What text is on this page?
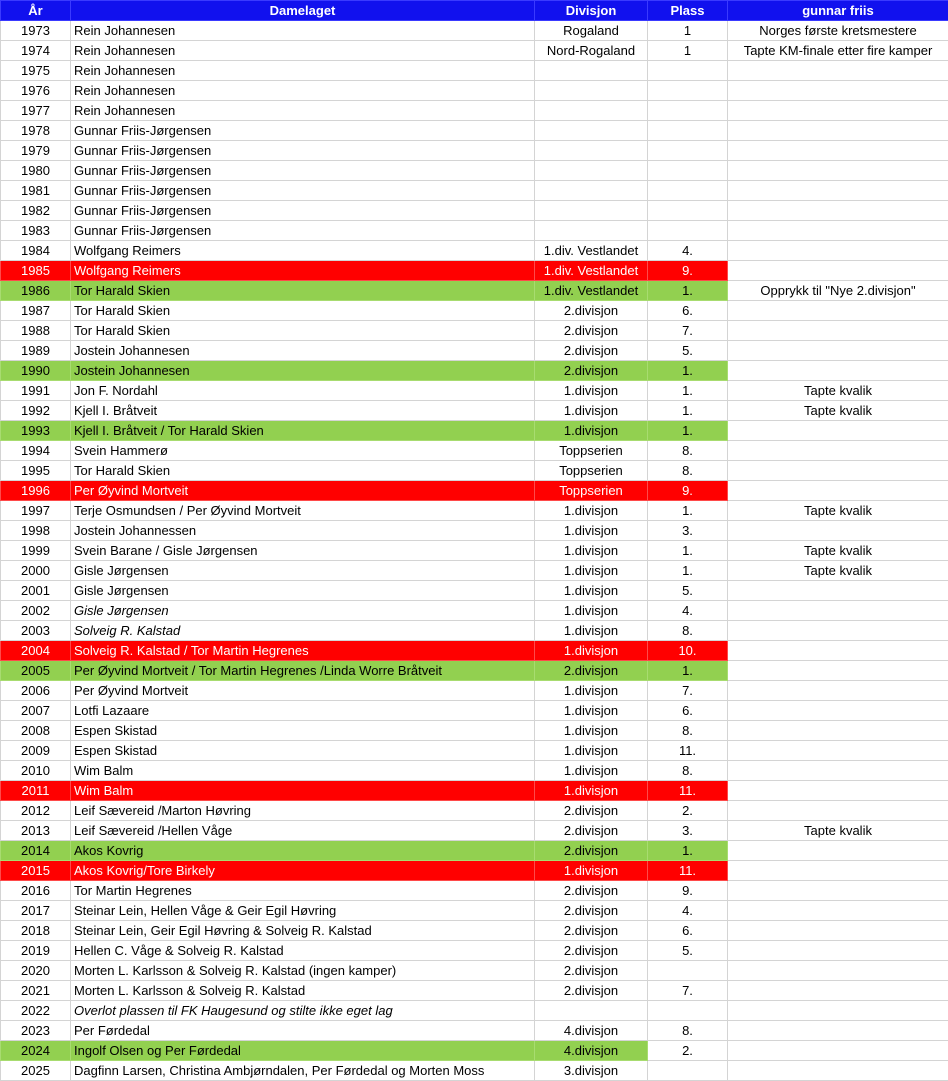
År	Damelaget	Divisjon	Plass	gunnar friis
1973	Rein Johannesen	Rogaland	1	Norges første kretsmestere
1974	Rein Johannesen	Nord-Rogaland	1	Tapte KM-finale etter fire kamper
1975	Rein Johannesen			
1976	Rein Johannesen			
1977	Rein Johannesen			
1978	Gunnar Friis-Jørgensen			
1979	Gunnar Friis-Jørgensen			
1980	Gunnar Friis-Jørgensen			
1981	Gunnar Friis-Jørgensen			
1982	Gunnar Friis-Jørgensen			
1983	Gunnar Friis-Jørgensen			
1984	Wolfgang Reimers	1.div. Vestlandet	4.	
1985	Wolfgang Reimers	1.div. Vestlandet	9.	
1986	Tor Harald Skien	1.div. Vestlandet	1.	Opprykk til "Nye 2.divisjon"
1987	Tor Harald Skien	2.divisjon	6.	
1988	Tor Harald Skien	2.divisjon	7.	
1989	Jostein Johannesen	2.divisjon	5.	
1990	Jostein Johannesen	2.divisjon	1.	
1991	Jon F. Nordahl	1.divisjon	1.	Tapte kvalik
1992	Kjell I. Bråtveit	1.divisjon	1.	Tapte kvalik
1993	Kjell I. Bråtveit / Tor Harald Skien	1.divisjon	1.	
1994	Svein Hammerø	Toppserien	8.	
1995	Tor Harald Skien	Toppserien	8.	
1996	Per Øyvind Mortveit	Toppserien	9.	
1997	Terje Osmundsen / Per Øyvind Mortveit	1.divisjon	1.	Tapte kvalik
1998	Jostein Johannessen	1.divisjon	3.	
1999	Svein Barane / Gisle Jørgensen	1.divisjon	1.	Tapte kvalik
2000	Gisle Jørgensen	1.divisjon	1.	Tapte kvalik
2001	Gisle Jørgensen	1.divisjon	5.	
2002	Gisle Jørgensen	1.divisjon	4.	
2003	Solveig R. Kalstad	1.divisjon	8.	
2004	Solveig R. Kalstad / Tor Martin Hegrenes	1.divisjon	10.	
2005	Per Øyvind Mortveit / Tor Martin Hegrenes /Linda Worre Bråtveit	2.divisjon	1.	
2006	Per Øyvind Mortveit	1.divisjon	7.	
2007	Lotfi Lazaare	1.divisjon	6.	
2008	Espen Skistad	1.divisjon	8.	
2009	Espen Skistad	1.divisjon	11.	
2010	Wim Balm	1.divisjon	8.	
2011	Wim Balm	1.divisjon	11.	
2012	Leif Sævereid /Marton Høvring	2.divisjon	2.	
2013	Leif Sævereid /Hellen Våge	2.divisjon	3.	Tapte kvalik
2014	Akos Kovrig	2.divisjon	1.	
2015	Akos Kovrig/Tore Birkely	1.divisjon	11.	
2016	Tor Martin Hegrenes	2.divisjon	9.	
2017	Steinar Lein, Hellen Våge & Geir Egil Høvring	2.divisjon	4.	
2018	Steinar Lein, Geir Egil Høvring & Solveig R. Kalstad	2.divisjon	6.	
2019	Hellen C. Våge & Solveig R. Kalstad	2.divisjon	5.	
2020	Morten L. Karlsson & Solveig R. Kalstad (ingen kamper)	2.divisjon		
2021	Morten L. Karlsson & Solveig R. Kalstad	2.divisjon	7.	
2022	Overlot plassen til FK Haugesund og stilte ikke eget lag			
2023	Per Førdedal	4.divisjon	8.	
2024	Ingolf Olsen og Per Førdedal	4.divisjon	2.	
2025	Dagfinn Larsen, Christina Ambjørndalen, Per Førdedal og Morten Moss	3.divisjon		
